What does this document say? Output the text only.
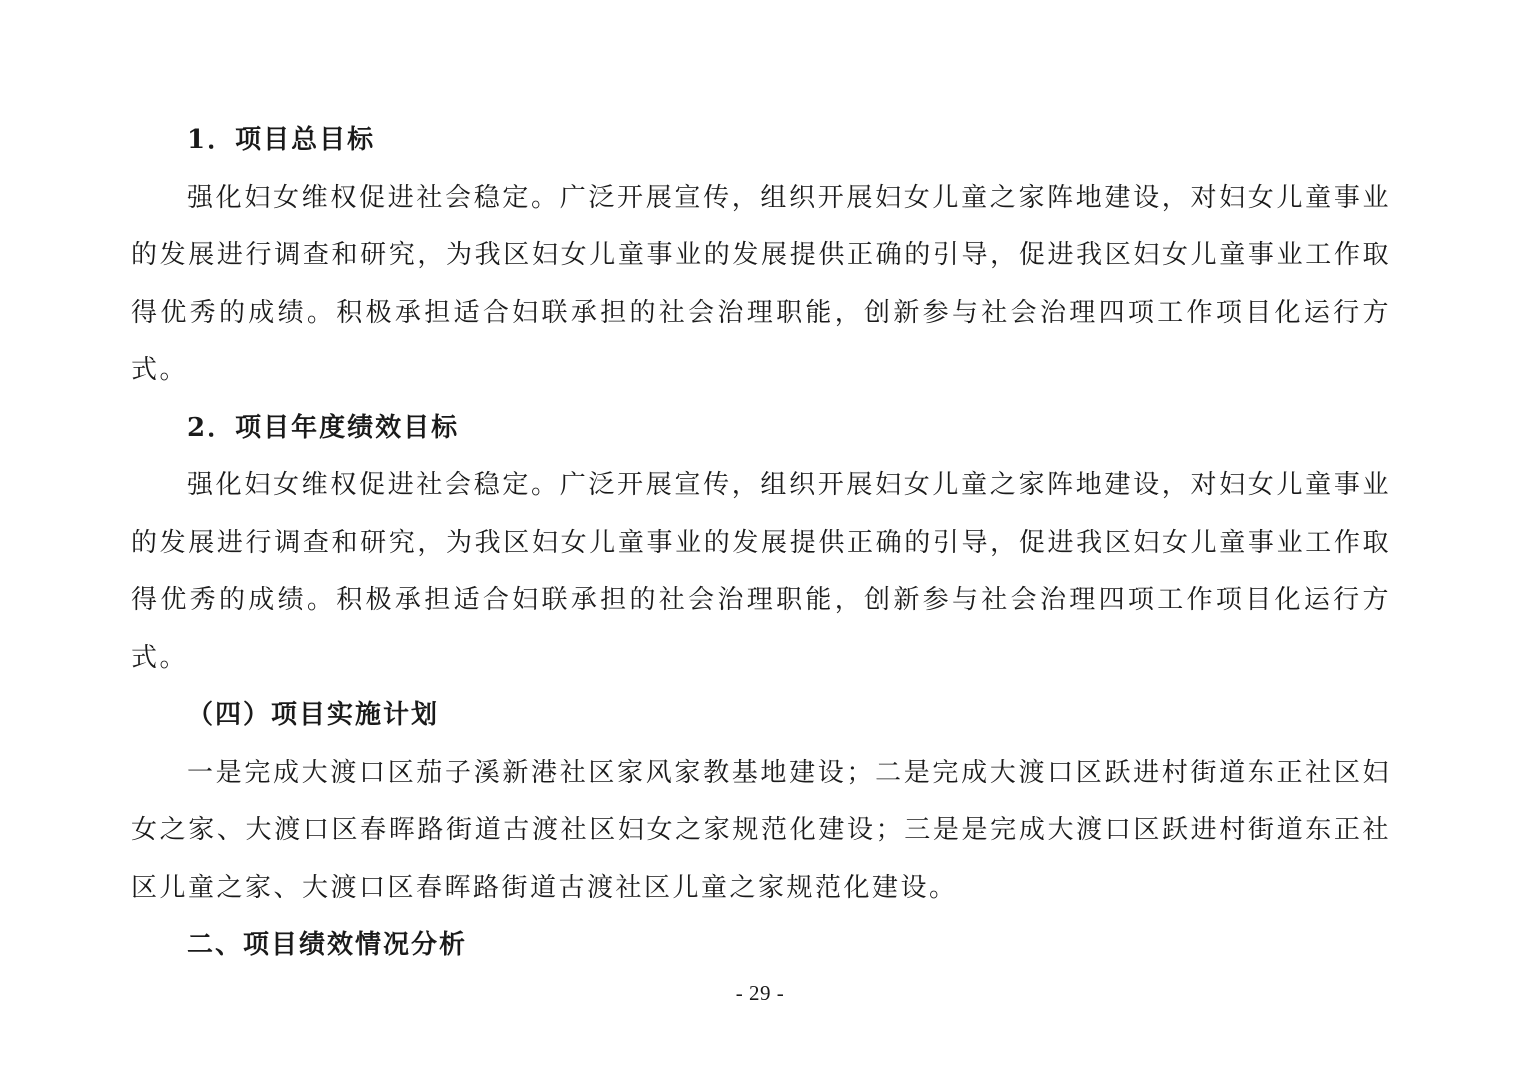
1．项目总目标

强化妇女维权促进社会稳定。广泛开展宣传，组织开展妇女儿童之家阵地建设，对妇女儿童事业的发展进行调查和研究，为我区妇女儿童事业的发展提供正确的引导，促进我区妇女儿童事业工作取得优秀的成绩。积极承担适合妇联承担的社会治理职能，创新参与社会治理四项工作项目化运行方式。

2．项目年度绩效目标

强化妇女维权促进社会稳定。广泛开展宣传，组织开展妇女儿童之家阵地建设，对妇女儿童事业的发展进行调查和研究，为我区妇女儿童事业的发展提供正确的引导，促进我区妇女儿童事业工作取得优秀的成绩。积极承担适合妇联承担的社会治理职能，创新参与社会治理四项工作项目化运行方式。

（四）项目实施计划

一是完成大渡口区茄子溪新港社区家风家教基地建设；二是完成大渡口区跃进村街道东正社区妇女之家、大渡口区春晖路街道古渡社区妇女之家规范化建设；三是是完成大渡口区跃进村街道东正社区儿童之家、大渡口区春晖路街道古渡社区儿童之家规范化建设。

二、项目绩效情况分析

- 29 -
